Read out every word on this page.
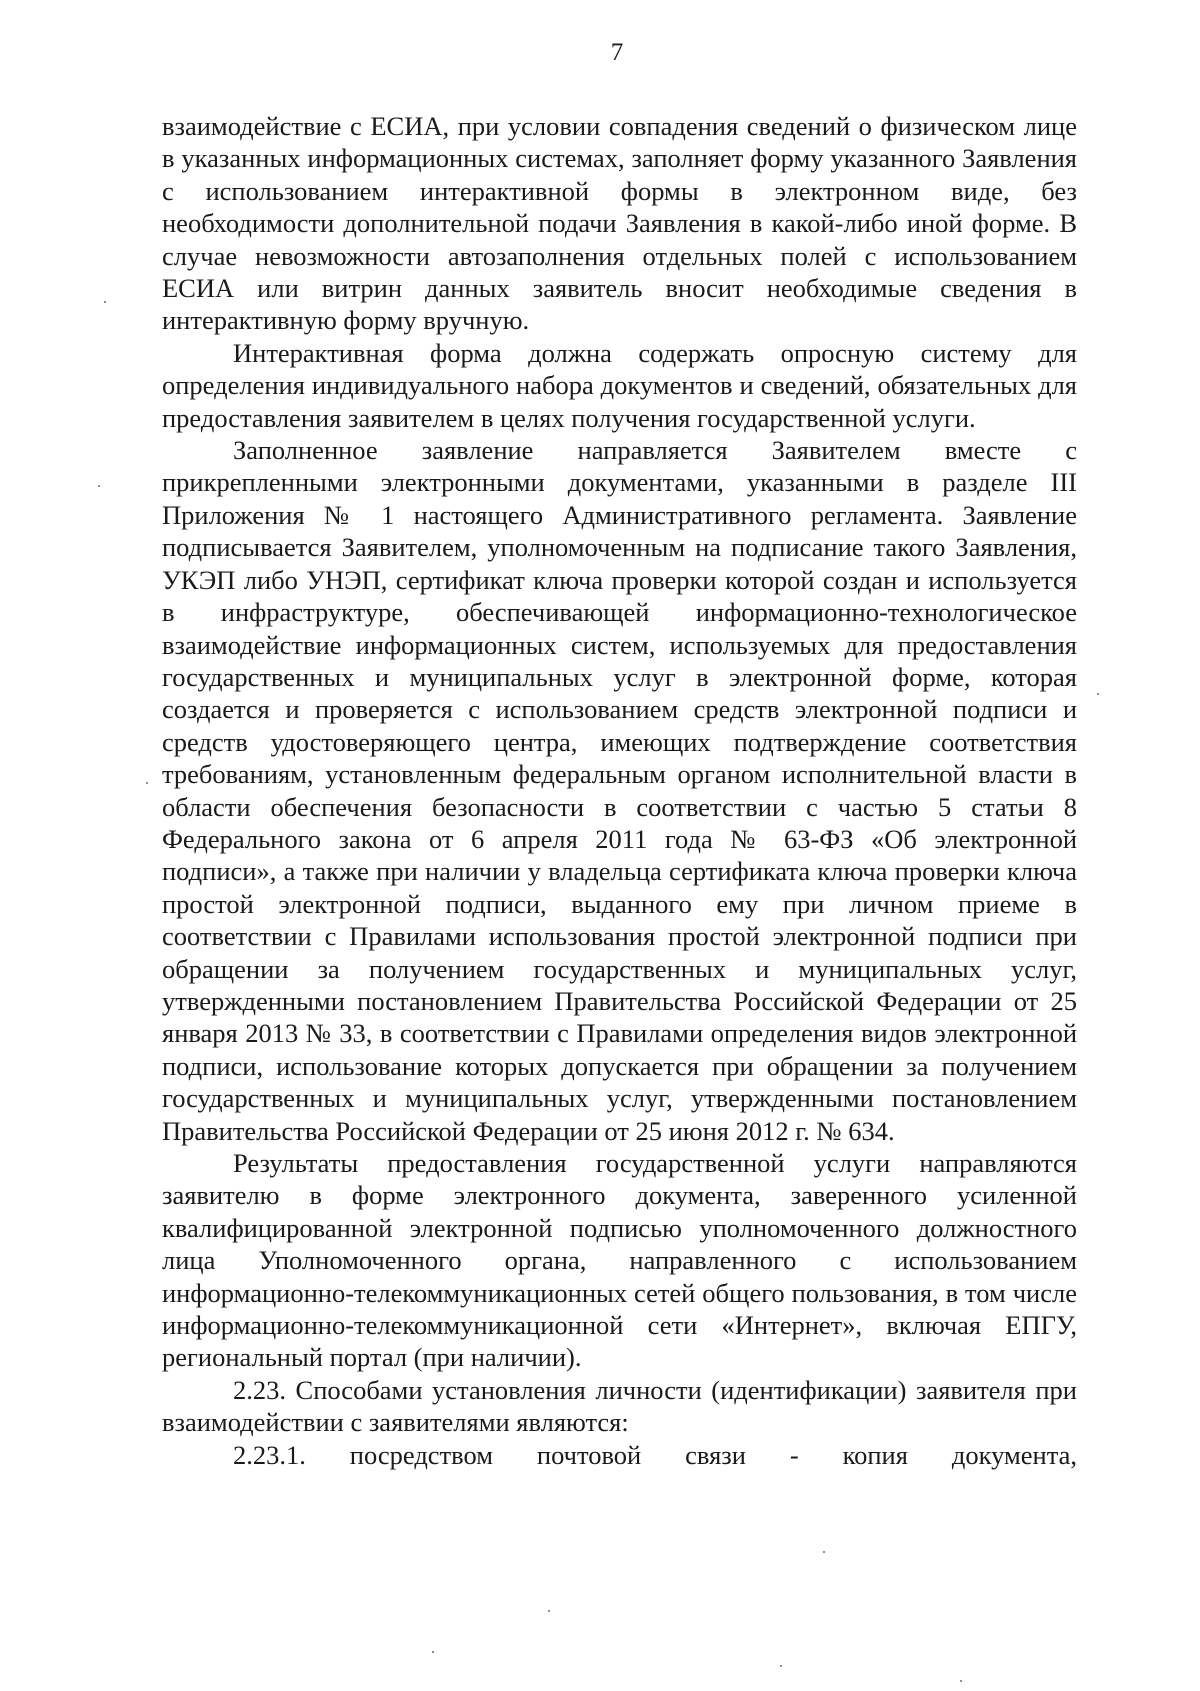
7

взаимодействие с ЕСИА, при условии совпадения сведений о физическом лице в указанных информационных системах, заполняет форму указанного Заявления с использованием интерактивной формы в электронном виде, без необходимости дополнительной подачи Заявления в какой-либо иной форме. В случае невозможности автозаполнения отдельных полей с использованием ЕСИА или витрин данных заявитель вносит необходимые сведения в интерактивную форму вручную.

Интерактивная форма должна содержать опросную систему для определения индивидуального набора документов и сведений, обязательных для предоставления заявителем в целях получения государственной услуги.

Заполненное заявление направляется Заявителем вместе с прикрепленными электронными документами, указанными в разделе III Приложения № 1 настоящего Административного регламента. Заявление подписывается Заявителем, уполномоченным на подписание такого Заявления, УКЭП либо УНЭП, сертификат ключа проверки которой создан и используется в инфраструктуре, обеспечивающей информационно-технологическое взаимодействие информационных систем, используемых для предоставления государственных и муниципальных услуг в электронной форме, которая создается и проверяется с использованием средств электронной подписи и средств удостоверяющего центра, имеющих подтверждение соответствия требованиям, установленным федеральным органом исполнительной власти в области обеспечения безопасности в соответствии с частью 5 статьи 8 Федерального закона от 6 апреля 2011 года № 63-ФЗ «Об электронной подписи», а также при наличии у владельца сертификата ключа проверки ключа простой электронной подписи, выданного ему при личном приеме в соответствии с Правилами использования простой электронной подписи при обращении за получением государственных и муниципальных услуг, утвержденными постановлением Правительства Российской Федерации от 25 января 2013 № 33, в соответствии с Правилами определения видов электронной подписи, использование которых допускается при обращении за получением государственных и муниципальных услуг, утвержденными постановлением Правительства Российской Федерации от 25 июня 2012 г. № 634.

Результаты предоставления государственной услуги направляются заявителю в форме электронного документа, заверенного усиленной квалифицированной электронной подписью уполномоченного должностного лица Уполномоченного органа, направленного с использованием информационно-телекоммуникационных сетей общего пользования, в том числе информационно-телекоммуникационной сети «Интернет», включая ЕПГУ, региональный портал (при наличии).

2.23. Способами установления личности (идентификации) заявителя при взаимодействии с заявителями являются:

2.23.1. посредством почтовой связи - копия документа,
